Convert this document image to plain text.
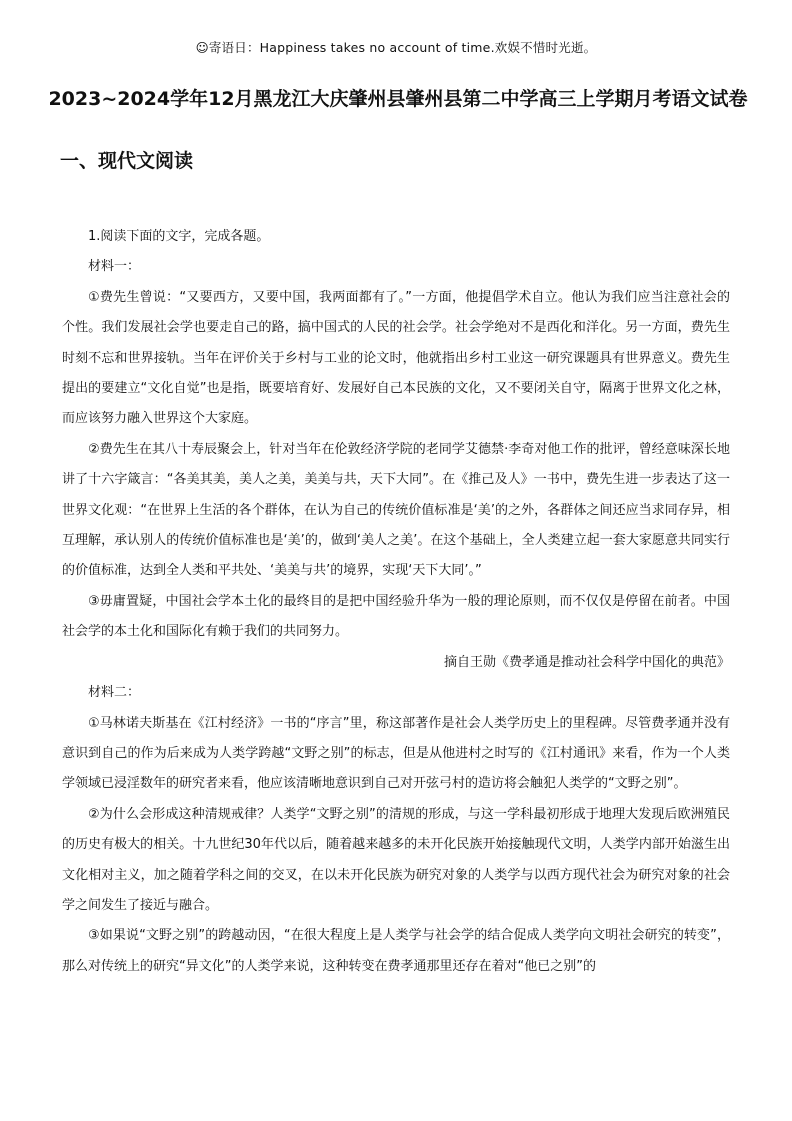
☺寄语日：Happiness takes no account of time.欢娱不惜时光逝。
2023~2024学年12月黑龙江大庆肇州县肇州县第二中学高三上学期月考语文试卷
一、现代文阅读

1.阅读下面的文字，完成各题。

材料一：

①费先生曾说：“又要西方，又要中国，我两面都有了。”一方面，他提倡学术自立。他认为我们应当注意社会的个性。我们发展社会学也要走自己的路，搞中国式的人民的社会学。社会学绝对不是西化和洋化。另一方面，费先生时刻不忘和世界接轨。当年在评价关于乡村与工业的论文时，他就指出乡村工业这一研究课题具有世界意义。费先生提出的要建立“文化自觉”也是指，既要培育好、发展好自己本民族的文化，又不要闭关自守，隔离于世界文化之林，而应该努力融入世界这个大家庭。

②费先生在其八十寿辰聚会上，针对当年在伦敦经济学院的老同学艾德禁·李奇对他工作的批评，曾经意味深长地讲了十六字箴言：“各美其美，美人之美，美美与共，天下大同”。在《推己及人》一书中，费先生进一步表达了这一世界文化观：“在世界上生活的各个群体，在认为自己的传统价值标准是‘美’的之外，各群体之间还应当求同存异，相互理解，承认别人的传统价值标准也是‘美’的，做到‘美人之美’。在这个基础上，全人类建立起一套大家愿意共同实行的价值标准，达到全人类和平共处、‘美美与共’的境界，实现‘天下大同’。”

③毋庸置疑，中国社会学本土化的最终目的是把中国经验升华为一般的理论原则，而不仅仅是停留在前者。中国社会学的本土化和国际化有赖于我们的共同努力。

摘自王勋《费孝通是推动社会科学中国化的典范》

材料二：

①马林诺夫斯基在《江村经济》一书的“序言”里，称这部著作是社会人类学历史上的里程碑。尽管费孝通并没有意识到自己的作为后来成为人类学跨越“文野之别”的标志，但是从他进村之时写的《江村通讯》来看，作为一个人类学领域已浸淫数年的研究者来看，他应该清晰地意识到自己对开弦弓村的造访将会触犯人类学的“文野之别”。

②为什么会形成这种清规戒律？人类学“文野之别”的清规的形成，与这一学科最初形成于地理大发现后欧洲殖民的历史有极大的相关。十九世纪30年代以后，随着越来越多的未开化民族开始接触现代文明，人类学内部开始滋生出文化相对主义，加之随着学科之间的交叉，在以未开化民族为研究对象的人类学与以西方现代社会为研究对象的社会学之间发生了接近与融合。

③如果说“文野之别”的跨越动因，“在很大程度上是人类学与社会学的结合促成人类学向文明社会研究的转变”，那么对传统上的研究“异文化”的人类学来说，这种转变在费孝通那里还存在着对“他已之别”的
